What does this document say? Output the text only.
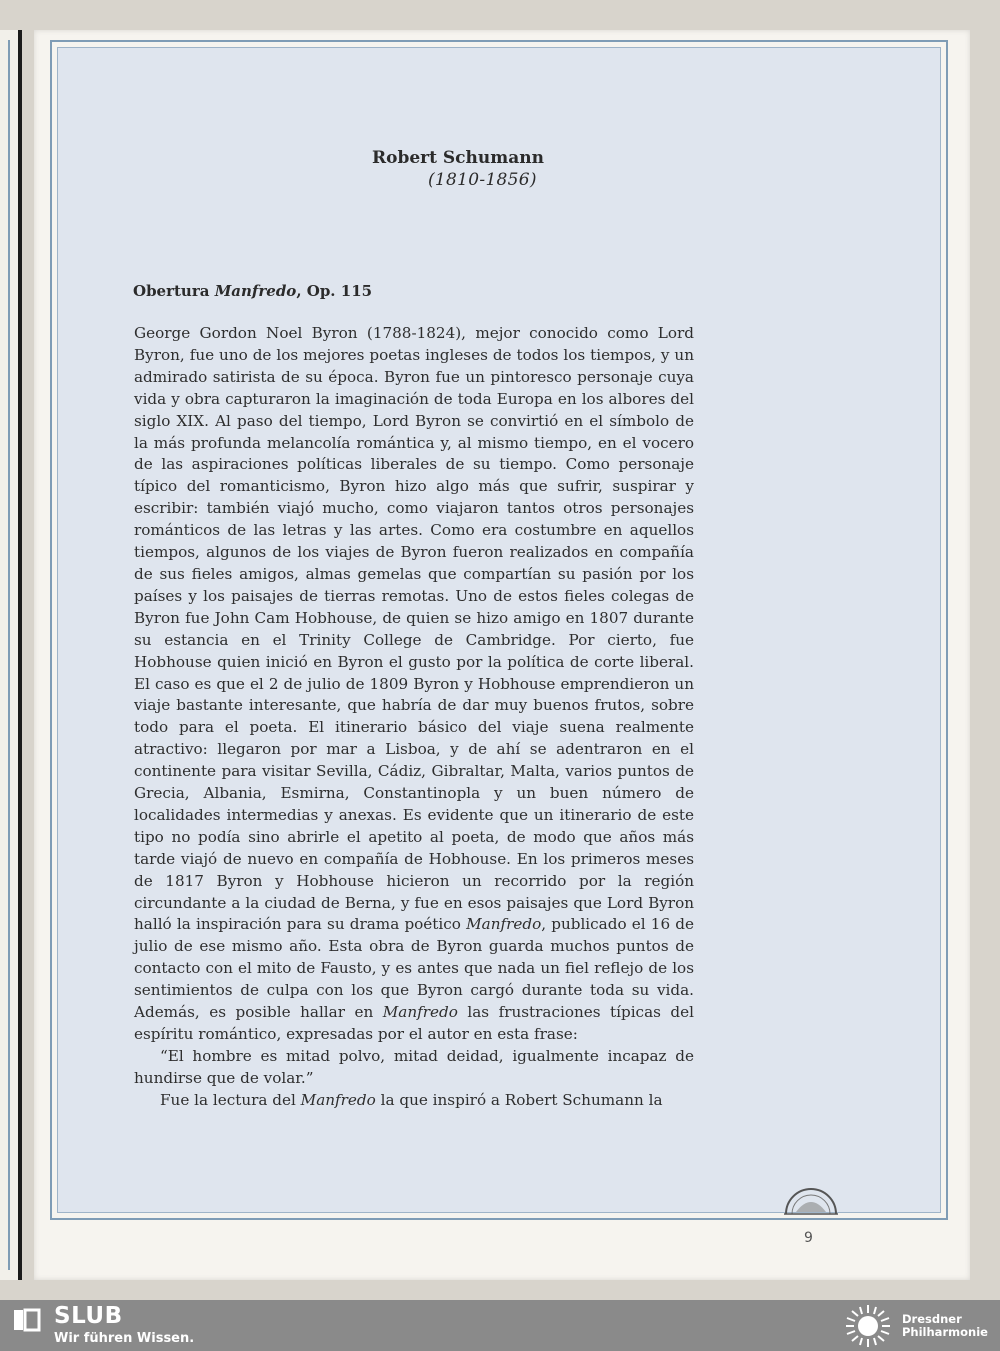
Robert Schumann
(1810-1856)
Obertura Manfredo, Op. 115

George Gordon Noel Byron (1788-1824), mejor conocido como Lord Byron, fue uno de los mejores poetas ingleses de todos los tiempos, y un admirado satirista de su época. Byron fue un pintoresco personaje cuya vida y obra capturaron la imaginación de toda Europa en los albores del siglo XIX. Al paso del tiempo, Lord Byron se convirtió en el símbolo de la más profunda melancolía romántica y, al mismo tiempo, en el vocero de las aspiraciones políticas liberales de su tiempo. Como personaje típico del romanticismo, Byron hizo algo más que sufrir, suspirar y escribir: también viajó mucho, como viajaron tantos otros personajes románticos de las letras y las artes. Como era costumbre en aquellos tiempos, algunos de los viajes de Byron fueron realizados en compañía de sus fieles amigos, almas gemelas que compartían su pasión por los países y los paisajes de tierras remotas. Uno de estos fieles colegas de Byron fue John Cam Hobhouse, de quien se hizo amigo en 1807 durante su estancia en el Trinity College de Cambridge. Por cierto, fue Hobhouse quien inició en Byron el gusto por la política de corte liberal. El caso es que el 2 de julio de 1809 Byron y Hobhouse emprendieron un viaje bastante interesante, que habría de dar muy buenos frutos, sobre todo para el poeta. El itinerario básico del viaje suena realmente atractivo: llegaron por mar a Lisboa, y de ahí se adentraron en el continente para visitar Sevilla, Cádiz, Gibraltar, Malta, varios puntos de Grecia, Albania, Esmirna, Constantinopla y un buen número de localidades intermedias y anexas. Es evidente que un itinerario de este tipo no podía sino abrirle el apetito al poeta, de modo que años más tarde viajó de nuevo en compañía de Hobhouse. En los primeros meses de 1817 Byron y Hobhouse hicieron un recorrido por la región circundante a la ciudad de Berna, y fue en esos paisajes que Lord Byron halló la inspiración para su drama poético Manfredo, publicado el 16 de julio de ese mismo año. Esta obra de Byron guarda muchos puntos de contacto con el mito de Fausto, y es antes que nada un fiel reflejo de los sentimientos de culpa con los que Byron cargó durante toda su vida. Además, es posible hallar en Manfredo las frustraciones típicas del espíritu romántico, expresadas por el autor en esta frase:

“El hombre es mitad polvo, mitad deidad, igualmente incapaz de hundirse que de volar.”

Fue la lectura del Manfredo la que inspiró a Robert Schumann la

9
SLUB
Wir führen Wissen.
Dresdner
Philharmonie
